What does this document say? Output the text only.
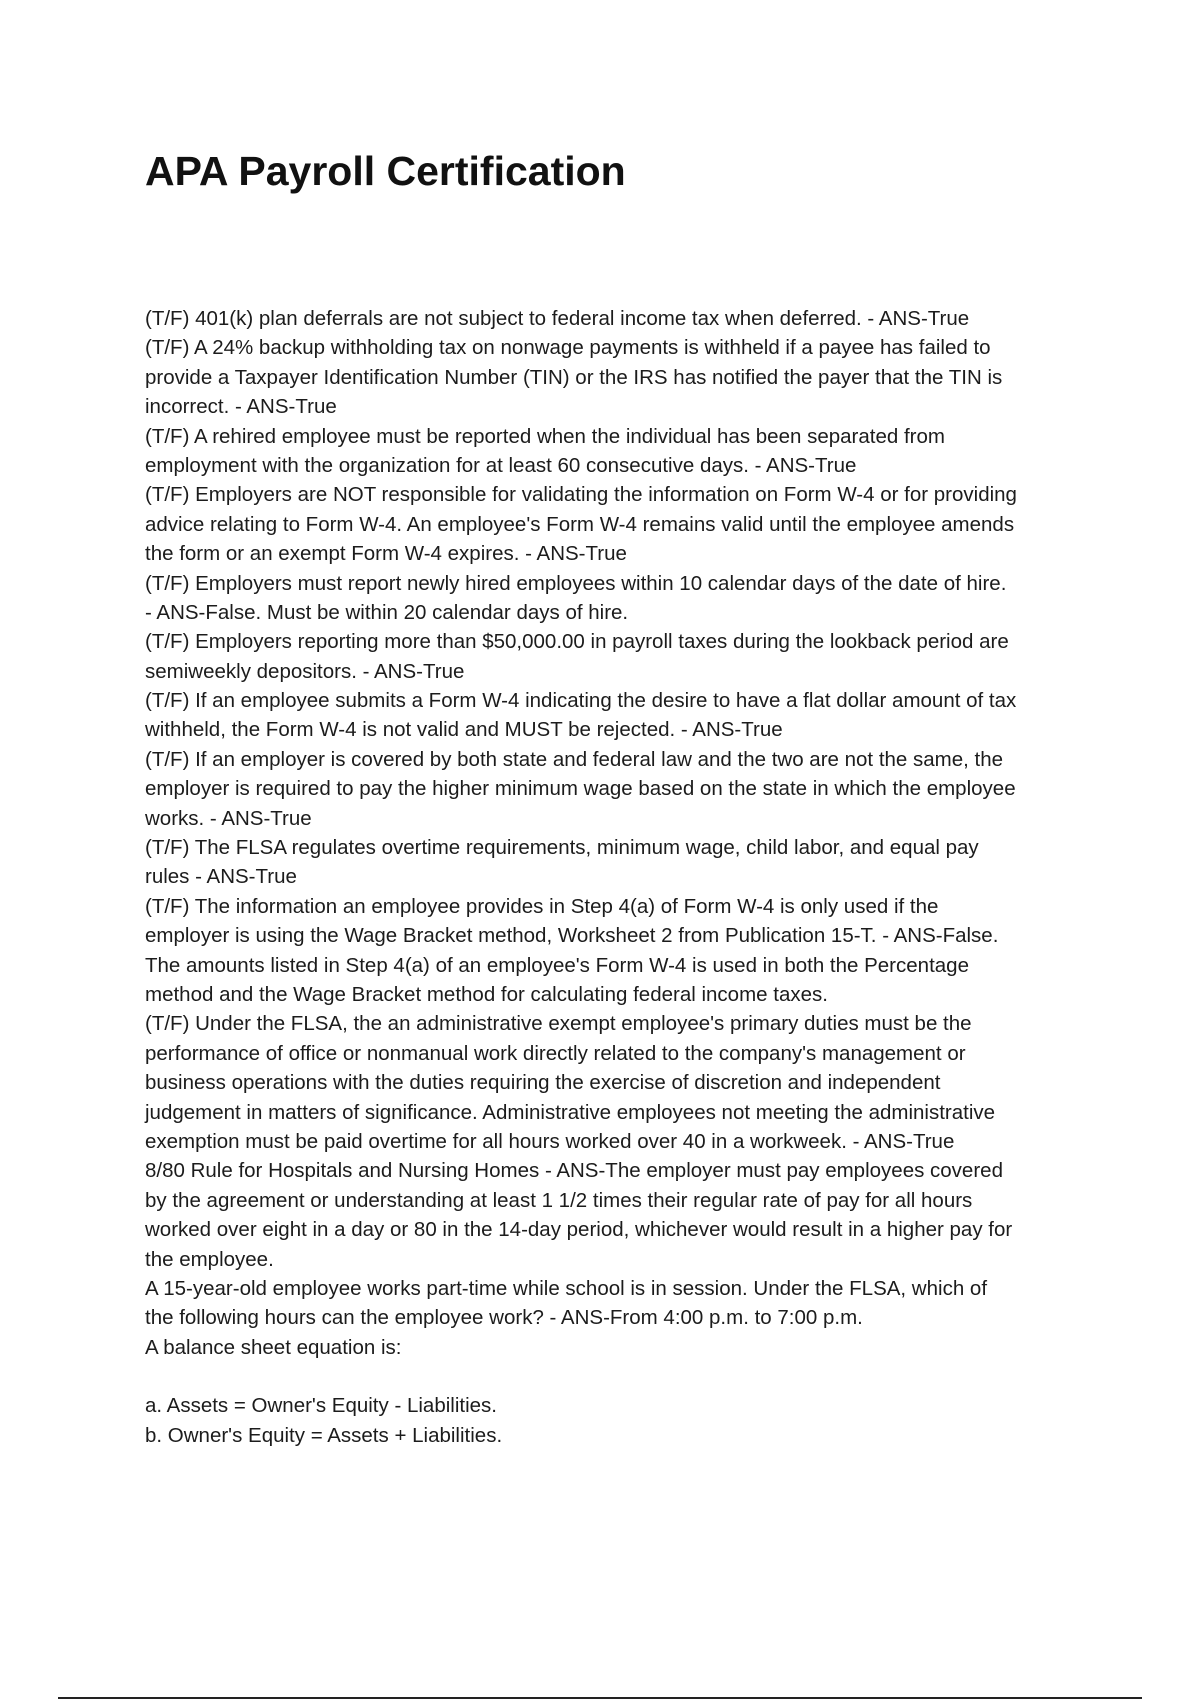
APA Payroll Certification
(T/F) 401(k) plan deferrals are not subject to federal income tax when deferred. - ANS-True
(T/F) A 24% backup withholding tax on nonwage payments is withheld if a payee has failed to
provide a Taxpayer Identification Number (TIN) or the IRS has notified the payer that the TIN is
incorrect. - ANS-True
(T/F) A rehired employee must be reported when the individual has been separated from
employment with the organization for at least 60 consecutive days. - ANS-True
(T/F) Employers are NOT responsible for validating the information on Form W-4 or for providing
advice relating to Form W-4. An employee's Form W-4 remains valid until the employee amends
the form or an exempt Form W-4 expires. - ANS-True
(T/F) Employers must report newly hired employees within 10 calendar days of the date of hire.
- ANS-False. Must be within 20 calendar days of hire.
(T/F) Employers reporting more than $50,000.00 in payroll taxes during the lookback period are
semiweekly depositors. - ANS-True
(T/F) If an employee submits a Form W-4 indicating the desire to have a flat dollar amount of tax
withheld, the Form W-4 is not valid and MUST be rejected. - ANS-True
(T/F) If an employer is covered by both state and federal law and the two are not the same, the
employer is required to pay the higher minimum wage based on the state in which the employee
works. - ANS-True
(T/F) The FLSA regulates overtime requirements, minimum wage, child labor, and equal pay
rules - ANS-True
(T/F) The information an employee provides in Step 4(a) of Form W-4 is only used if the
employer is using the Wage Bracket method, Worksheet 2 from Publication 15-T. - ANS-False.
The amounts listed in Step 4(a) of an employee's Form W-4 is used in both the Percentage
method and the Wage Bracket method for calculating federal income taxes.
(T/F) Under the FLSA, the an administrative exempt employee's primary duties must be the
performance of office or nonmanual work directly related to the company's management or
business operations with the duties requiring the exercise of discretion and independent
judgement in matters of significance. Administrative employees not meeting the administrative
exemption must be paid overtime for all hours worked over 40 in a workweek. - ANS-True
8/80 Rule for Hospitals and Nursing Homes - ANS-The employer must pay employees covered
by the agreement or understanding at least 1 1/2 times their regular rate of pay for all hours
worked over eight in a day or 80 in the 14-day period, whichever would result in a higher pay for
the employee.
A 15-year-old employee works part-time while school is in session. Under the FLSA, which of
the following hours can the employee work? - ANS-From 4:00 p.m. to 7:00 p.m.
A balance sheet equation is:
a. Assets = Owner's Equity - Liabilities.
b. Owner's Equity = Assets + Liabilities.
